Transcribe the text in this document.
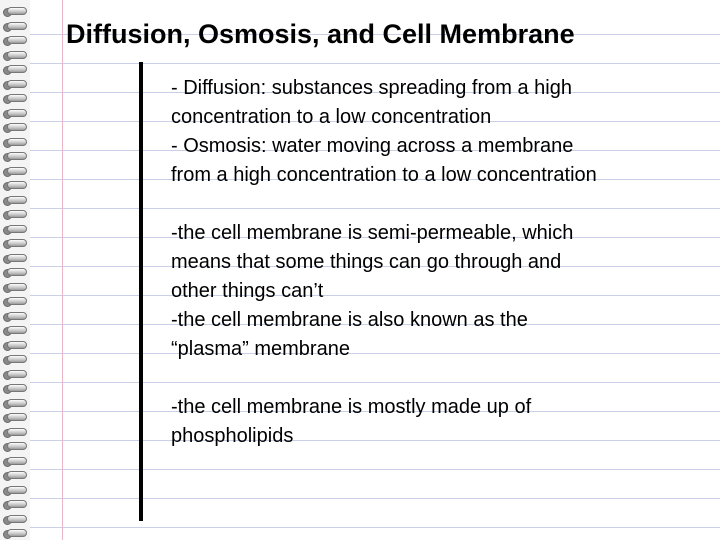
Diffusion, Osmosis, and Cell Membrane

- Diffusion: substances spreading from a high

concentration to a low concentration

- Osmosis: water moving across a membrane

from a high concentration to a low concentration

-the cell membrane is semi-permeable, which

means that some things can go through and

other things can’t

-the cell membrane is also known as the

“plasma” membrane

-the cell membrane is mostly made up of

phospholipids
